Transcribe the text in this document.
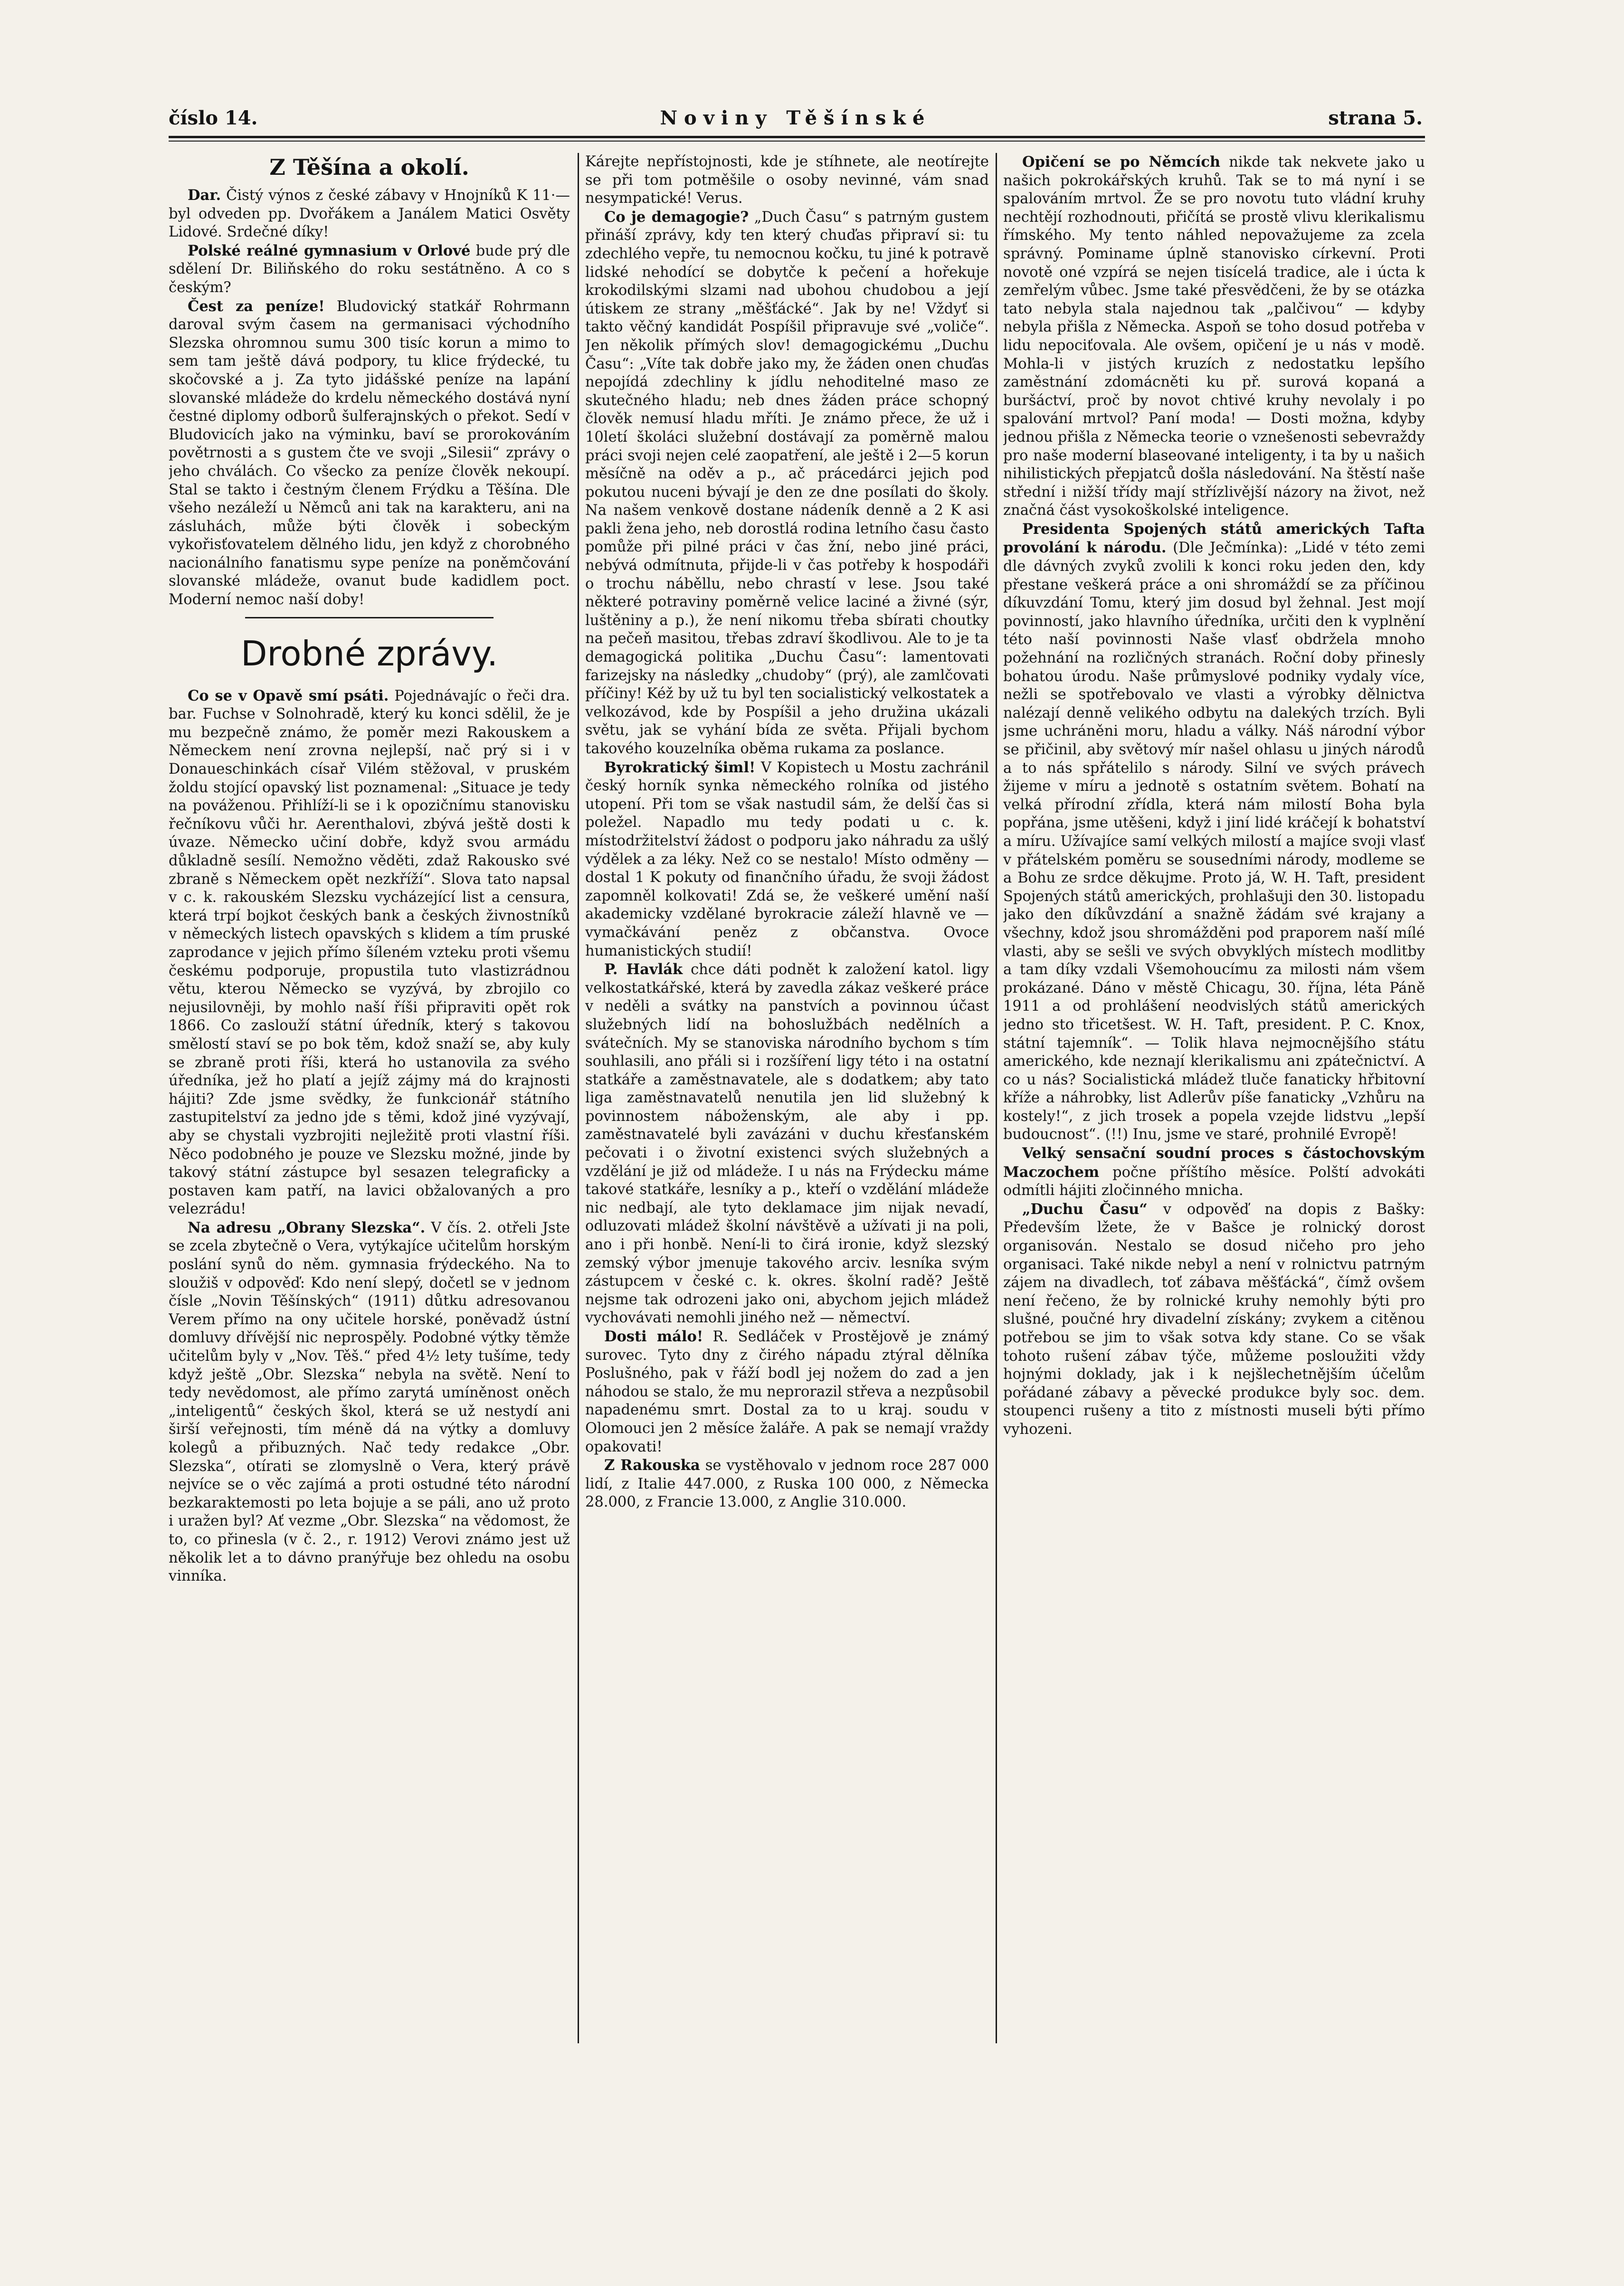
číslo 14.	Noviny Těšínské	strana 5.
Z Těšína a okolí.

Dar. Čistý výnos z české zábavy v Hnojníků K 11·— byl odveden pp. Dvořákem a Janálem Matici Osvěty Lidové. Srdečné díky!

Polské reálné gymnasium v Orlové bude prý dle sdělení Dr. Biliňského do roku sestátněno. A co s českým?

Čest za peníze! Bludovický statkář Rohrmann daroval svým časem na germanisaci východního Slezska ohromnou sumu 300 tisíc korun a mimo to sem tam ještě dává podpory, tu klice frýdecké, tu skočovské a j. Za tyto jidášské peníze na lapání slovanské mládeže do krdelu německého dostává nyní čestné diplomy odborů šulferajnských o překot. Sedí v Bludovicích jako na výminku, baví se prorokováním povětrnosti a s gustem čte ve svoji „Silesii“ zprávy o jeho chválách. Co všecko za peníze člověk nekoupí. Stal se takto i čestným členem Frýdku a Těšína. Dle všeho nezáleží u Němců ani tak na karakteru, ani na zásluhách, může býti člověk i sobeckým vykořisťovatelem dělného lidu, jen když z chorobného nacionálního fanatismu sype peníze na poněmčování slovanské mládeže, ovanut bude kadidlem poct. Moderní nemoc naší doby!

Drobné zprávy.

Co se v Opavě smí psáti. Pojednávajíc o řeči dra. bar. Fuchse v Solnohradě, který ku konci sdělil, že je mu bezpečně známo, že poměr mezi Rakouskem a Německem není zrovna nejlepší, nač prý si i v Donaueschinkách císař Vilém stěžoval, v pruském žoldu stojící opavský list poznamenal: „Situace je tedy na pováženou. Přihlíží-li se i k opozičnímu stanovisku řečníkovu vůči hr. Aerenthalovi, zbývá ještě dosti k úvaze. Německo učiní dobře, když svou armádu důkladně sesílí. Nemožno věděti, zdaž Rakousko své zbraně s Německem opět nezkříží“. Slova tato napsal v c. k. rakouském Slezsku vycházející list a censura, která trpí bojkot českých bank a českých živnostníků v německých listech opavských s klidem a tím pruské zaprodance v jejich přímo šíleném vzteku proti všemu českému podporuje, propustila tuto vlastizrádnou větu, kterou Německo se vyzývá, by zbrojilo co nejusilovněji, by mohlo naší říši připraviti opět rok 1866. Co zaslouží státní úředník, který s takovou smělostí staví se po bok těm, kdož snaží se, aby kuly se zbraně proti říši, která ho ustanovila za svého úředníka, jež ho platí a jejíž zájmy má do krajnosti hájiti? Zde jsme svědky, že funkcionář státního zastupitelství za jedno jde s těmi, kdož jiné vyzývají, aby se chystali vyzbrojiti nejležitě proti vlastní říši. Něco podobného je pouze ve Slezsku možné, jinde by takový státní zástupce byl sesazen telegraficky a postaven kam patří, na lavici obžalovaných a pro velezrádu!

Na adresu „Obrany Slezska“. V čís. 2. otřeli Jste se zcela zbytečně o Vera, vytýkajíce učitelům horským poslání synů do něm. gymnasia frýdeckého. Na to sloužiš v odpověď: Kdo není slepý, dočetl se v jednom čísle „Novin Těšínských“ (1911) důtku adresovanou Verem přímo na ony učitele horské, poněvadž ústní domluvy dřívější nic neprospěly. Podobné výtky těmže učitelům byly v „Nov. Těš.“ před 4½ lety tušíme, tedy když ještě „Obr. Slezska“ nebyla na světě. Není to tedy nevědomost, ale přímo zarytá umíněnost oněch „inteligentů“ českých škol, která se už nestydí ani širší veřejnosti, tím méně dá na výtky a domluvy kolegů a přibuzných. Nač tedy redakce „Obr. Slezska“, otírati se zlomyslně o Vera, který právě nejvíce se o věc zajímá a proti ostudné této národní bezkaraktemosti po leta bojuje a se páli, ano už proto i uražen byl? Ať vezme „Obr. Slezska“ na vědomost, že to, co přinesla (v č. 2., r. 1912) Verovi známo jest už několik let a to dávno pranýřuje bez ohledu na osobu vinníka.

Kárejte nepřístojnosti, kde je stíhnete, ale neotírejte se při tom potměšile o osoby nevinné, vám snad nesympatické! Verus.

Co je demagogie? „Duch Času“ s patrným gustem přináší zprávy, kdy ten který chuďas připraví si: tu zdechlého vepře, tu nemocnou kočku, tu jiné k potravě lidské nehodící se dobytče k pečení a hořekuje krokodilskými slzami nad ubohou chudobou a její útiskem ze strany „měšťácké“. Jak by ne! Vždyť si takto věčný kandidát Pospíšil připravuje své „voliče“. Jen několik přímých slov! demagogickému „Duchu Času“: „Víte tak dobře jako my, že žáden onen chuďas nepojídá zdechliny k jídlu nehoditelné maso ze skutečného hladu; neb dnes žáden práce schopný člověk nemusí hladu mříti. Je známo přece, že už i 10letí školáci služební dostávají za poměrně malou práci svoji nejen celé zaopatření, ale ještě i 2—5 korun měsíčně na oděv a p., ač prácedárci jejich pod pokutou nuceni bývají je den ze dne posílati do školy. Na našem venkově dostane nádeník denně a 2 K asi pakli žena jeho, neb dorostlá rodina letního času často pomůže při pilné práci v čas žní, nebo jiné práci, nebývá odmítnuta, přijde-li v čas potřeby k hospodáři o trochu náběllu, nebo chrastí v lese. Jsou také některé potraviny poměrně velice laciné a živné (sýr, luštěniny a p.), že není nikomu třeba sbírati choutky na pečeň masitou, třebas zdraví škodlivou. Ale to je ta demagogická politika „Duchu Času“: lamentovati farizejsky na následky „chudoby“ (prý), ale zamlčovati příčiny! Kéž by už tu byl ten socialistický velkostatek a velkozávod, kde by Pospíšil a jeho družina ukázali světu, jak se vyhání bída ze světa. Přijali bychom takového kouzelníka oběma rukama za poslance.

Byrokratický šiml! V Kopistech u Mostu zachránil český horník synka německého rolníka od jistého utopení. Při tom se však nastudil sám, že delší čas si poležel. Napadlo mu tedy podati u c. k. místodržitelství žádost o podporu jako náhradu za ušlý výdělek a za léky. Než co se nestalo! Místo odměny — dostal 1 K pokuty od finančního úřadu, že svoji žádost zapomněl kolkovati! Zdá se, že veškeré umění naší akademicky vzdělané byrokracie záleží hlavně ve — vymačkávání peněz z občanstva. Ovoce humanistických studií!

P. Havlák chce dáti podnět k založení katol. ligy velkostatkářské, která by zavedla zákaz veškeré práce v neděli a svátky na panstvích a povinnou účast služebných lidí na bohoslužbách nedělních a svátečních. My se stanoviska národního bychom s tím souhlasili, ano přáli si i rozšíření ligy této i na ostatní statkáře a zaměstnavatele, ale s dodatkem; aby tato liga zaměstnavatelů nenutila jen lid služebný k povinnostem náboženským, ale aby i pp. zaměstnavatelé byli zavázáni v duchu křesťanském pečovati i o životní existenci svých služebných a vzdělání je již od mládeže. I u nás na Frýdecku máme takové statkáře, lesníky a p., kteří o vzdělání mládeže nic nedbají, ale tyto deklamace jim nijak nevadí, odluzovati mládež školní návštěvě a užívati ji na poli, ano i při honbě. Není-li to čirá ironie, když slezský zemský výbor jmenuje takového arciv. lesníka svým zástupcem v české c. k. okres. školní radě? Ještě nejsme tak odrozeni jako oni, abychom jejich mládež vychovávati nemohli jiného než — němectví.

Dosti málo! R. Sedláček v Prostějově je známý surovec. Tyto dny z čirého nápadu ztýral dělníka Poslušného, pak v řáží bodl jej nožem do zad a jen náhodou se stalo, že mu neprorazil střeva a nezpůsobil napadenému smrt. Dostal za to u kraj. soudu v Olomouci jen 2 měsíce žaláře. A pak se nemají vraždy opakovati!

Z Rakouska se vystěhovalo v jednom roce 287 000 lidí, z Italie 447.000, z Ruska 100 000, z Německa 28.000, z Francie 13.000, z Anglie 310.000.

Opičení se po Němcích nikde tak nekvete jako u našich pokrokářských kruhů. Tak se to má nyní i se spalováním mrtvol. Že se pro novotu tuto vládní kruhy nechtějí rozhodnouti, přičítá se prostě vlivu klerikalismu římského. My tento náhled nepovažujeme za zcela správný. Pominame úplně stanovisko církevní. Proti novotě oné vzpírá se nejen tisícelá tradice, ale i úcta k zemřelým vůbec. Jsme také přesvědčeni, že by se otázka tato nebyla stala najednou tak „palčivou“ — kdyby nebyla přišla z Německa. Aspoň se toho dosud potřeba v lidu nepociťovala. Ale ovšem, opičení je u nás v modě. Mohla-li v jistých kruzích z nedostatku lepšího zaměstnání zdomácněti ku př. surová kopaná a buršáctví, proč by novot chtivé kruhy nevolaly i po spalování mrtvol? Paní moda! — Dosti možna, kdyby jednou přišla z Německa teorie o vznešenosti sebevraždy pro naše moderní blaseované inteligenty, i ta by u našich nihilistických přepjatců došla následování. Na štěstí naše střední i nižší třídy mají střízlivější názory na život, než značná část vysokoškolské inteligence.

Presidenta Spojených států amerických Tafta provolání k národu. (Dle Ječmínka): „Lidé v této zemi dle dávných zvyků zvolili k konci roku jeden den, kdy přestane veškerá práce a oni shromáždí se za příčinou díkuvzdání Tomu, který jim dosud byl žehnal. Jest mojí povinností, jako hlavního úředníka, určiti den k vyplnění této naší povinnosti Naše vlasť obdržela mnoho požehnání na rozličných stranách. Roční doby přinesly bohatou úrodu. Naše průmyslové podniky vydaly více, nežli se spotřebovalo ve vlasti a výrobky dělnictva nalézají denně velikého odbytu na dalekých trzích. Byli jsme uchráněni moru, hladu a války. Náš národní výbor se přičinil, aby světový mír našel ohlasu u jiných národů a to nás spřátelilo s národy. Silní ve svých právech žijeme v míru a jednotě s ostatním světem. Bohatí na velká přírodní zřídla, která nám milostí Boha byla popřána, jsme utěšeni, když i jiní lidé kráčejí k bohatství a míru. Užívajíce samí velkých milostí a majíce svoji vlasť v přátelském poměru se sousedními národy, modleme se a Bohu ze srdce děkujme. Proto já, W. H. Taft, president Spojených států amerických, prohlašuji den 30. listopadu jako den díkůvzdání a snažně žádám své krajany a všechny, kdož jsou shromážděni pod praporem naší mílé vlasti, aby se sešli ve svých obvyklých místech modlitby a tam díky vzdali Všemohoucímu za milosti nám všem prokázané. Dáno v městě Chicagu, 30. října, léta Páně 1911 a od prohlášení neodvislých států amerických jedno sto třicetšest. W. H. Taft, president. P. C. Knox, státní tajemník“. — Tolik hlava nejmocnějšího státu amerického, kde neznají klerikalismu ani zpátečnictví. A co u nás? Socialistická mládež tluče fanaticky hřbitovní kříže a náhrobky, list Adlerův píše fanaticky „Vzhůru na kostely!“, z jich trosek a popela vzejde lidstvu „lepší budoucnost“. (!!) Inu, jsme ve staré, prohnilé Evropě!

Velký sensační soudní proces s částochovským Maczochem počne příštího měsíce. Polští advokáti odmítli hájiti zločinného mnicha.

„Duchu Času“ v odpověď na dopis z Bašky: Především lžete, že v Bašce je rolnický dorost organisován. Nestalo se dosud ničeho pro jeho organisaci. Také nikde nebyl a není v rolnictvu patrným zájem na divadlech, toť zábava měšťácká“, čímž ovšem není řečeno, že by rolnické kruhy nemohly býti pro slušné, poučné hry divadelní získány; zvykem a citěnou potřebou se jim to však sotva kdy stane. Co se však tohoto rušení zábav týče, můžeme posloužiti vždy hojnými doklady, jak i k nejšlechetnějším účelům pořádané zábavy a pěvecké produkce byly soc. dem. stoupenci rušeny a tito z místnosti museli býti přímo vyhozeni.
